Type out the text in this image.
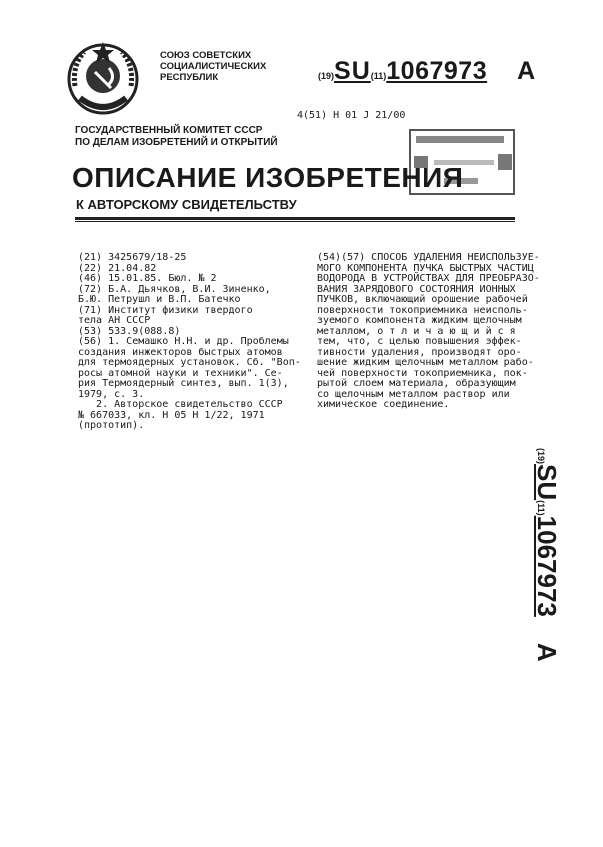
СОЮЗ СОВЕТСКИХ
СОЦИАЛИСТИЧЕСКИХ
РЕСПУБЛИК	(19)SU(11)1067973 A
4(51) H 01 J 21/00
ГОСУДАРСТВЕННЫЙ КОМИТЕТ СССР
ПО ДЕЛАМ ИЗОБРЕТЕНИЙ И ОТКРЫТИЙ
ОПИСАНИЕ ИЗОБРЕТЕНИЯ
К АВТОРСКОМУ СВИДЕТЕЛЬСТВУ
(21) 3425679/18-25
(22) 21.04.82
(46) 15.01.85. Бюл. № 2
(72) Б.А. Дьячков, В.И. Зиненко,
Б.Ю. Петрушл и В.П. Батечко
(71) Институт физики твердого
тела АН СССР
(53) 533.9(088.8)
(56) 1. Семашко Н.Н. и др. Проблемы
создания инжекторов быстрых атомов
для термоядерных установок. Сб. "Воп-
росы атомной науки и техники". Се-
рия Термоядерный синтез, вып. 1(3),
1979, с. 3.
2. Авторское свидетельство СССР
№ 667033, кл. Н 05 Н 1/22, 1971
(прототип).
(54)(57) СПОСОБ УДАЛЕНИЯ НЕИСПОЛЬЗУЕ-
МОГО КОМПОНЕНТА ПУЧКА БЫСТРЫХ ЧАСТИЦ
ВОДОРОДА В УСТРОЙСТВАХ ДЛЯ ПРЕОБРАЗО-
ВАНИЯ ЗАРЯДОВОГО СОСТОЯНИЯ ИОННЫХ
ПУЧКОВ, включающий орошение рабочей
поверхности токоприемника неисполь-
зуемого компонента жидким щелочным
металлом, о т л и ч а ю щ и й с я
тем, что, с целью повышения эффек-
тивности удаления, производят оро-
шение жидким щелочным металлом рабо-
чей поверхности токоприемника, пок-
рытой слоем материала, образующим
со щелочным металлом раствор или
химическое соединение.
(19)SU(11)1067973A
